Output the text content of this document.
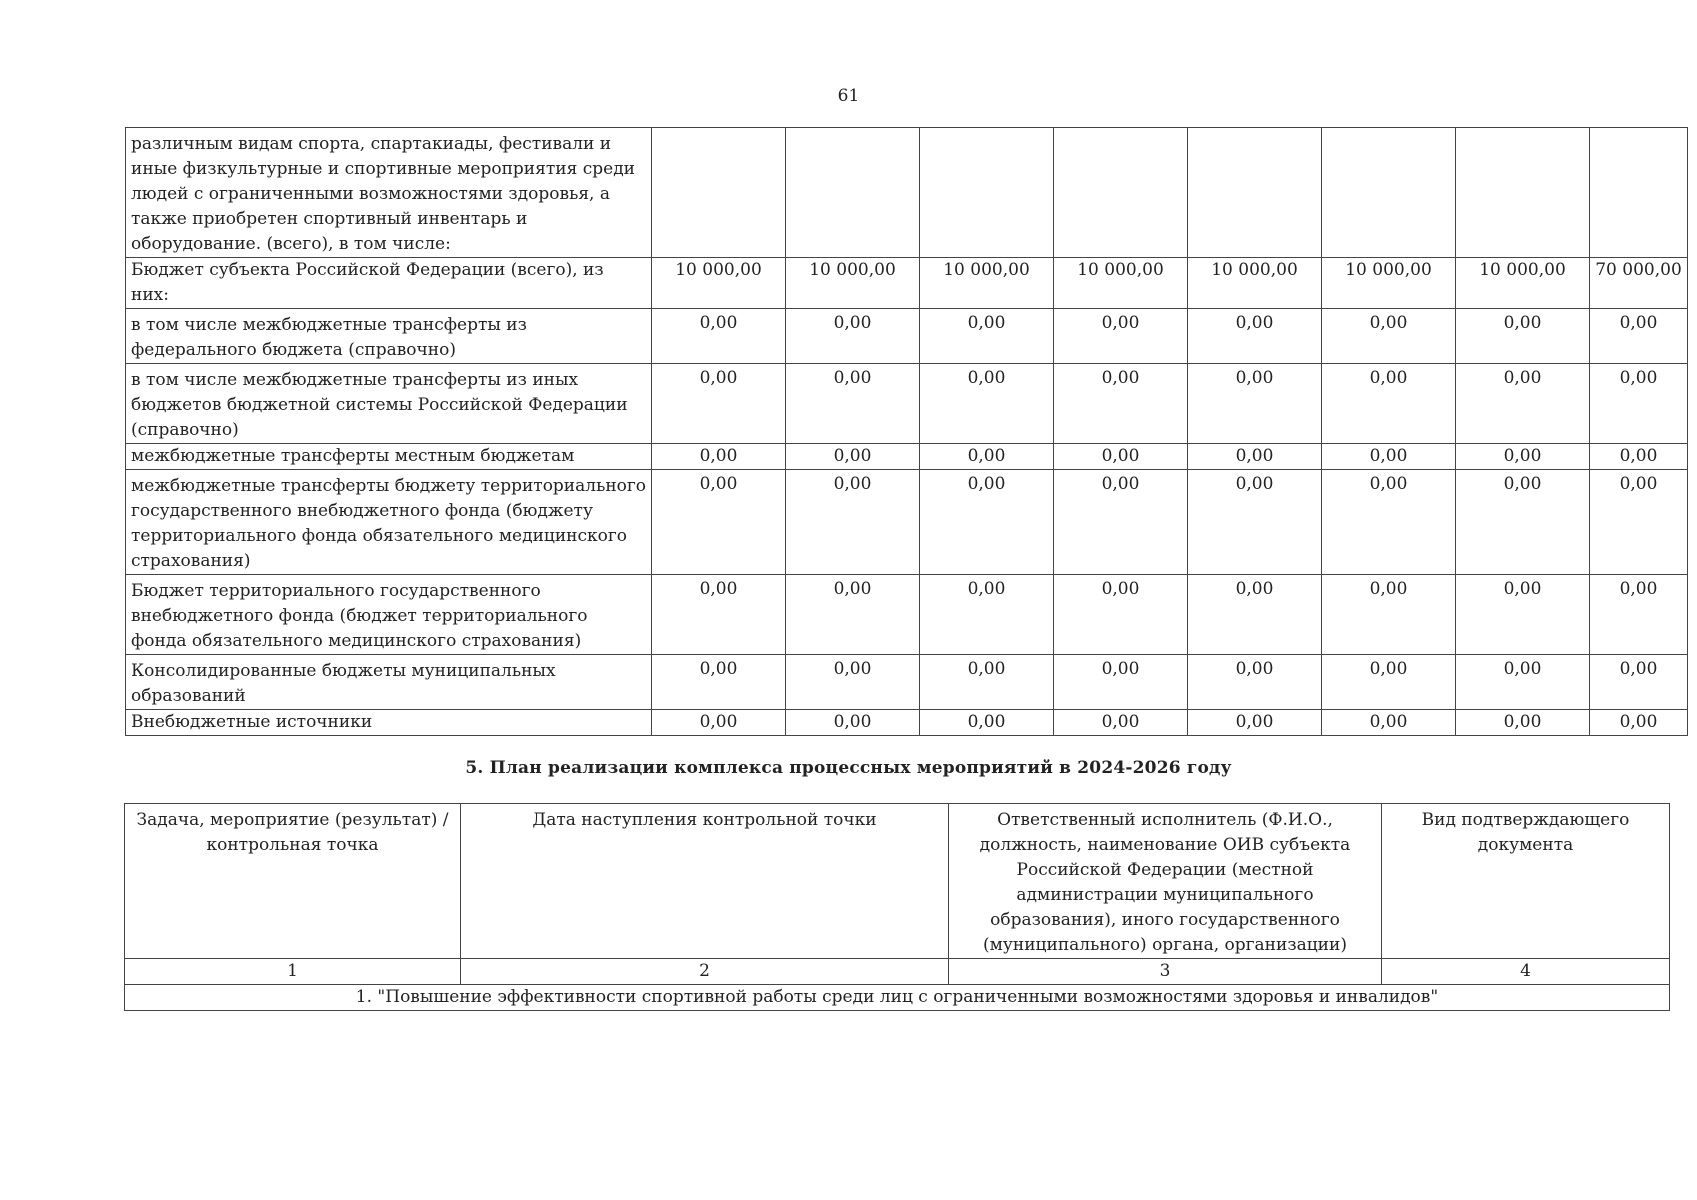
61
различным видам спорта, спартакиады, фестивали и иные физкультурные и спортивные мероприятия среди людей с ограниченными возможностями здоровья, а также приобретен спортивный инвентарь и оборудование. (всего), в том числе:								
Бюджет субъекта Российской Федерации (всего), из них:	10 000,00	10 000,00	10 000,00	10 000,00	10 000,00	10 000,00	10 000,00	70 000,00
в том числе межбюджетные трансферты из федерального бюджета (справочно)	0,00	0,00	0,00	0,00	0,00	0,00	0,00	0,00
в том числе межбюджетные трансферты из иных бюджетов бюджетной системы Российской Федерации (справочно)	0,00	0,00	0,00	0,00	0,00	0,00	0,00	0,00
межбюджетные трансферты местным бюджетам	0,00	0,00	0,00	0,00	0,00	0,00	0,00	0,00
межбюджетные трансферты бюджету территориального государственного внебюджетного фонда (бюджету территориального фонда обязательного медицинского страхования)	0,00	0,00	0,00	0,00	0,00	0,00	0,00	0,00
Бюджет территориального государственного внебюджетного фонда (бюджет территориального фонда обязательного медицинского страхования)	0,00	0,00	0,00	0,00	0,00	0,00	0,00	0,00
Консолидированные бюджеты муниципальных образований	0,00	0,00	0,00	0,00	0,00	0,00	0,00	0,00
Внебюджетные источники	0,00	0,00	0,00	0,00	0,00	0,00	0,00	0,00
5. План реализации комплекса процессных мероприятий в 2024-2026 году
Задача, мероприятие (результат) / контрольная точка	Дата наступления контрольной точки	Ответственный исполнитель (Ф.И.О., должность, наименование ОИВ субъекта Российской Федерации (местной администрации муниципального образования), иного государственного (муниципального) органа, организации)	Вид подтверждающего документа
1	2	3	4
1. "Повышение эффективности спортивной работы среди лиц с ограниченными возможностями здоровья и инвалидов"			
